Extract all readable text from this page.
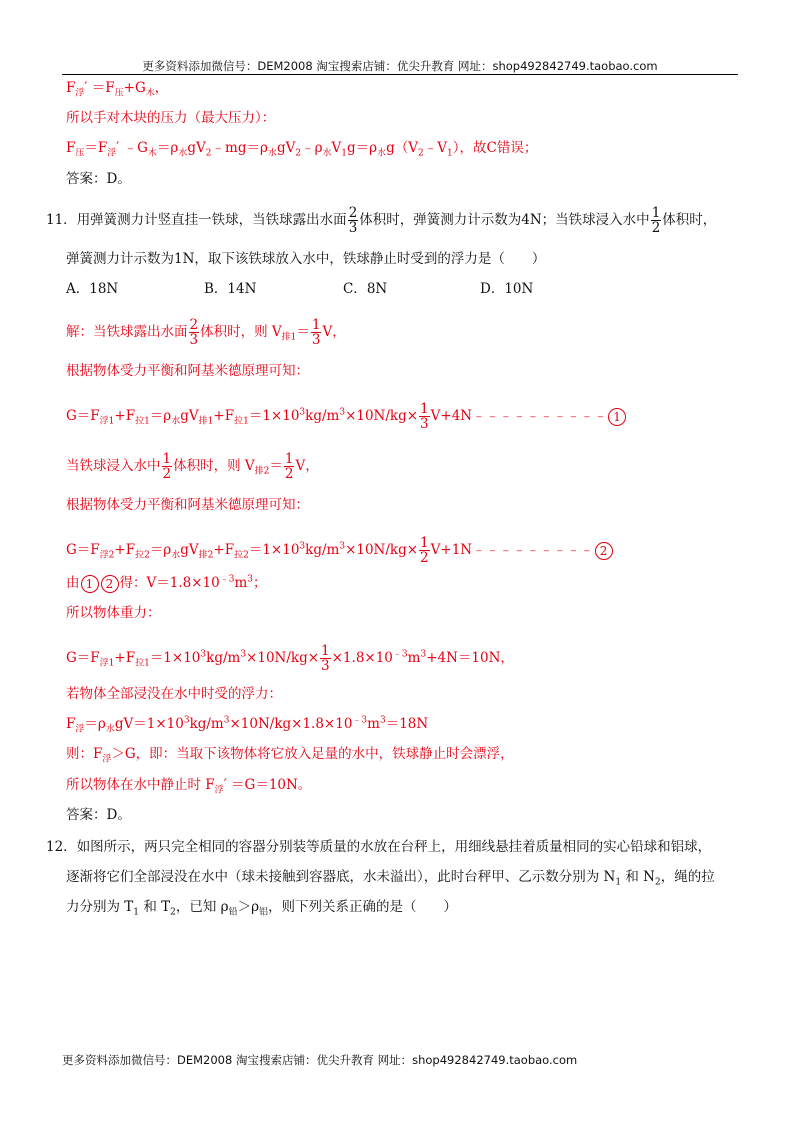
更多资料添加微信号：DEM2008 淘宝搜索店铺：优尖升教育 网址：shop492842749.taobao.com
$F_浮' =F_压+G_木$，
所以手对木块的压力（最大压力）：
$F_压=F_浮'$ $﹣G_木=\rho_水gV_2﹣mg=\rho_水gV_2﹣\rho_水V_1g=\rho_水g(V_2﹣V_1)$，故C错误；
答案：D。
11．用弹簧测力计竖直挂一铁球，当铁球露出水面 $\frac{2}{3}$ 体积时，弹簧测力计示数为4N；当铁球浸入水中 $\frac{1}{2}$ 体积时，
弹簧测力计示数为1N，取下该铁球放入水中，铁球静止时受到的浮力是（　　）
A．18N	B．14N	C．8N	D．10N
解：当铁球露出水面 $\frac{2}{3}$ 体积时，则 $V_{排1}= \frac{1}{3}$ V，
根据物体受力平衡和阿基米德原理可知：
$G=F_{浮1}+F_{拉1}=\rho_水gV_{排1}+F_{拉1}=1\times 10^3kg/m^3\times 10N/kg\times \frac{1}{3}$ V+4N﹣﹣﹣﹣﹣﹣﹣﹣﹣﹣ 1
当铁球浸入水中 $\frac{1}{2}$ 体积时，则 $V_{排2}= \frac{1}{2}$ V，
根据物体受力平衡和阿基米德原理可知：
$G=F_{浮2}+F_{拉2}=\rho_水gV_{排2}+F_{拉2}=1\times 10^3kg/m^3\times 10N/kg\times \frac{1}{2}$ V+1N﹣﹣﹣﹣﹣﹣﹣﹣﹣ 2
由 1 2 得：$V=1.8\times 10^{﹣3}m^3$；
所以物体重力：
$G=F_{浮1}+F_{拉1}=1\times 10^3kg/m^3\times 10N/kg\times \frac{1}{3} \times 1.8\times 10^{﹣3}m^3+4N=10N$，
若物体全部浸没在水中时受的浮力：
$F_浮=\rho_水gV=1\times 10^3kg/m^3\times 10N/kg\times 1.8\times 10^{﹣3}m^3=18N$
则：$F_浮>G$，即：当取下该物体将它放入足量的水中，铁球静止时会漂浮，
所以物体在水中静止时 $F_浮' =G=10N$。
答案：D。
12．如图所示，两只完全相同的容器分别装等质量的水放在台秤上，用细线悬挂着质量相同的实心铅球和铝球，
逐渐将它们全部浸没在水中（球未接触到容器底，水未溢出），此时台秤甲、乙示数分别为 $N_1$ 和 $N_2$，绳的拉
力分别为 $T_1$ 和 $T_2$，已知 $\rho_铅>\rho_铝$，则下列关系正确的是（　　）
更多资料添加微信号：DEM2008 淘宝搜索店铺：优尖升教育 网址：shop492842749.taobao.com
